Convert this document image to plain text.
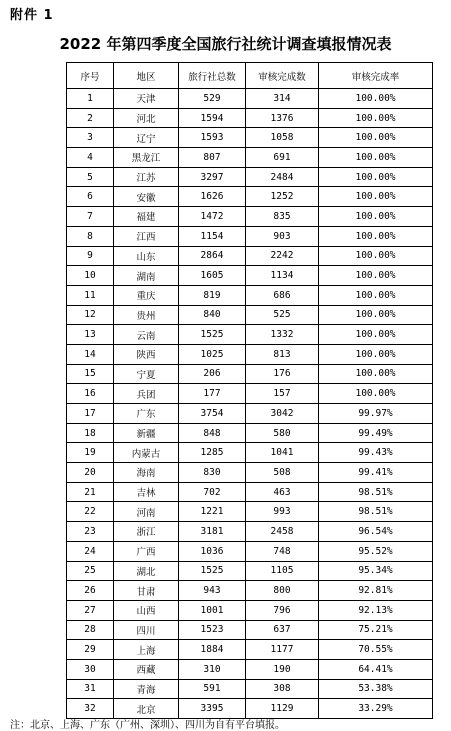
附件 1
2022 年第四季度全国旅行社统计调查填报情况表
序号	地区	旅行社总数	审核完成数	审核完成率
1	天津	529	314	100.00%
2	河北	1594	1376	100.00%
3	辽宁	1593	1058	100.00%
4	黑龙江	807	691	100.00%
5	江苏	3297	2484	100.00%
6	安徽	1626	1252	100.00%
7	福建	1472	835	100.00%
8	江西	1154	903	100.00%
9	山东	2864	2242	100.00%
10	湖南	1605	1134	100.00%
11	重庆	819	686	100.00%
12	贵州	840	525	100.00%
13	云南	1525	1332	100.00%
14	陕西	1025	813	100.00%
15	宁夏	206	176	100.00%
16	兵团	177	157	100.00%
17	广东	3754	3042	99.97%
18	新疆	848	580	99.49%
19	内蒙古	1285	1041	99.43%
20	海南	830	508	99.41%
21	吉林	702	463	98.51%
22	河南	1221	993	98.51%
23	浙江	3181	2458	96.54%
24	广西	1036	748	95.52%
25	湖北	1525	1105	95.34%
26	甘肃	943	800	92.81%
27	山西	1001	796	92.13%
28	四川	1523	637	75.21%
29	上海	1884	1177	70.55%
30	西藏	310	190	64.41%
31	青海	591	308	53.38%
32	北京	3395	1129	33.29%
注：北京、上海、广东（广州、深圳）、四川为自有平台填报。
